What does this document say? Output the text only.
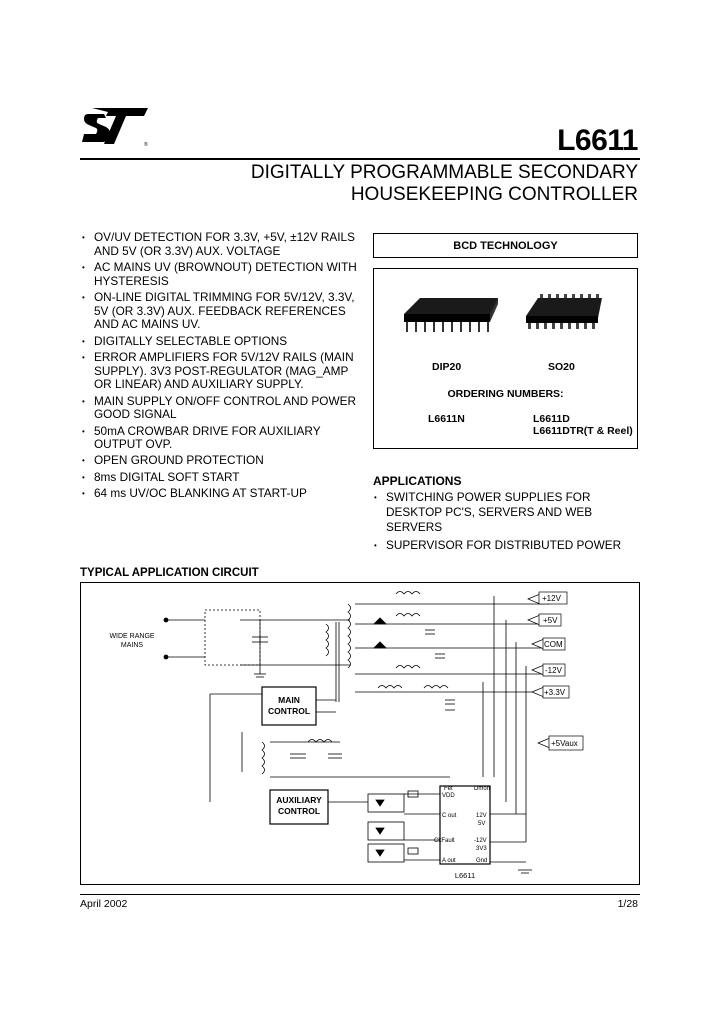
®	L6611
DIGITALLY PROGRAMMABLE SECONDARY
HOUSEKEEPING CONTROLLER
• OV/UV DETECTION FOR 3.3V, +5V, ±12V RAILS AND 5V (OR 3.3V) AUX. VOLTAGE
• AC MAINS UV (BROWNOUT) DETECTION WITH HYSTERESIS
• ON-LINE DIGITAL TRIMMING FOR 5V/12V, 3.3V, 5V (OR 3.3V) AUX. FEEDBACK REFERENCES AND AC MAINS UV.
• DIGITALLY SELECTABLE OPTIONS
• ERROR AMPLIFIERS FOR 5V/12V RAILS (MAIN SUPPLY). 3V3 POST-REGULATOR (MAG_AMP OR LINEAR) AND AUXILIARY SUPPLY.
• MAIN SUPPLY ON/OFF CONTROL AND POWER GOOD SIGNAL
• 50mA CROWBAR DRIVE FOR AUXILIARY OUTPUT OVP.
• OPEN GROUND PROTECTION
• 8ms DIGITAL SOFT START
• 64 ms UV/OC BLANKING AT START-UP
BCD TECHNOLOGY
DIP20	SO20
ORDERING NUMBERS:
L6611N	L6611D
L6611DTR(T & Reel)
APPLICATIONS
• SWITCHING POWER SUPPLIES FOR DESKTOP PC'S, SERVERS AND WEB SERVERS
• SUPERVISOR FOR DISTRIBUTED POWER
TYPICAL APPLICATION CIRCUIT
+12V
+5V
COM
-12V
+3.3V
+5Vaux
WIDE RANGE
MAINS
MAIN
CONTROL
AUXILIARY
CONTROL
VDD
C out
CkFault
A out
12V
5V
-12V
3V3
Gnd
Fet	Dmon
L6611
April 2002	1/28
